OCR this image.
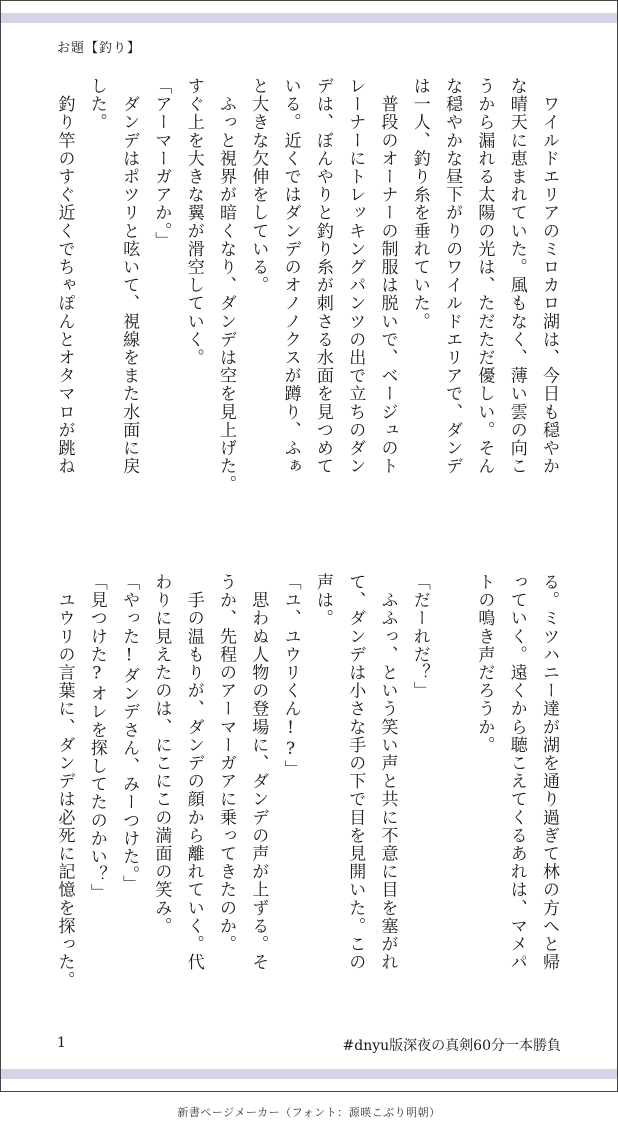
お題【釣り】
　ワイルドエリアのミロカロ湖は、今日も穏やか
な晴天に恵まれていた。風もなく、薄い雲の向こ
うから漏れる太陽の光は、ただただ優しい。そん
な穏やかな昼下がりのワイルドエリアで、ダンデ
は一人、釣り糸を垂れていた。
　普段のオーナーの制服は脱いで、ベージュのト
レーナーにトレッキングパンツの出で立ちのダン
デは、ぼんやりと釣り糸が刺さる水面を見つめて
いる。近くではダンデのオノノクスが蹲り、ふぁ
と大きな欠伸をしている。
　ふっと視界が暗くなり、ダンデは空を見上げた。
すぐ上を大きな翼が滑空していく。
「アーマーガアか。」
　ダンデはポツリと呟いて、視線をまた水面に戻
した。
　釣り竿のすぐ近くでちゃぽんとオタマロが跳ね
る。ミツハニー達が湖を通り過ぎて林の方へと帰
っていく。遠くから聴こえてくるあれは、マメパ
トの鳴き声だろうか。
「だーれだ？」
　ふふっ、という笑い声と共に不意に目を塞がれ
て、ダンデは小さな手の下で目を見開いた。この
声は。
「ユ、ユウリくん!?」
　思わぬ人物の登場に、ダンデの声が上ずる。そ
うか、先程のアーマーガアに乗ってきたのか。
　手の温もりが、ダンデの顔から離れていく。代
わりに見えたのは、にこにこの満面の笑み。
「やった!ダンデさん、みーつけた。」
「見つけた?オレを探してたのかい？」
　ユウリの言葉に、ダンデは必死に記憶を探った。
1	#dnyu版深夜の真剣60分一本勝負
新書ページメーカー（フォント：源暎こぶり明朝）
